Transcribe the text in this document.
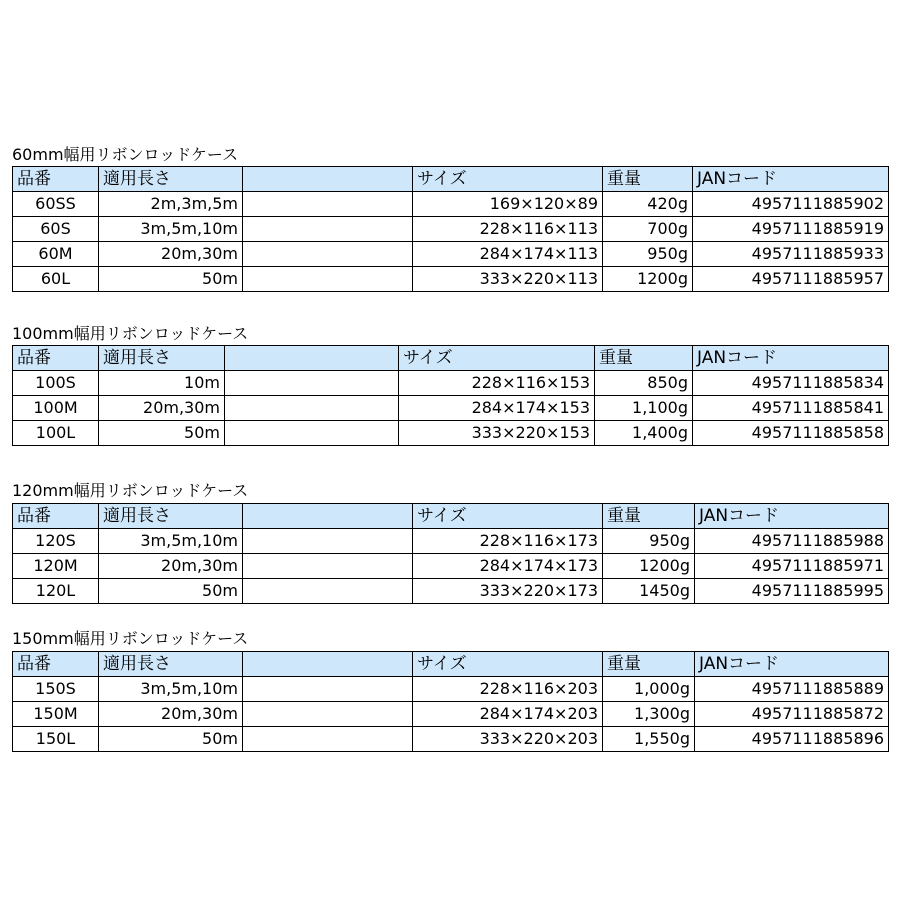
60mm幅用リボンロッドケース
品番	適用長さ		サイズ	重量	JANコード
60SS	2m,3m,5m		169×120×89	420g	4957111885902
60S	3m,5m,10m		228×116×113	700g	4957111885919
60M	20m,30m		284×174×113	950g	4957111885933
60L	50m		333×220×113	1200g	4957111885957
100mm幅用リボンロッドケース
品番	適用長さ		サイズ	重量	JANコード
100S	10m		228×116×153	850g	4957111885834
100M	20m,30m		284×174×153	1,100g	4957111885841
100L	50m		333×220×153	1,400g	4957111885858
120mm幅用リボンロッドケース
品番	適用長さ		サイズ	重量	JANコード
120S	3m,5m,10m		228×116×173	950g	4957111885988
120M	20m,30m		284×174×173	1200g	4957111885971
120L	50m		333×220×173	1450g	4957111885995
150mm幅用リボンロッドケース
品番	適用長さ		サイズ	重量	JANコード
150S	3m,5m,10m		228×116×203	1,000g	4957111885889
150M	20m,30m		284×174×203	1,300g	4957111885872
150L	50m		333×220×203	1,550g	4957111885896
